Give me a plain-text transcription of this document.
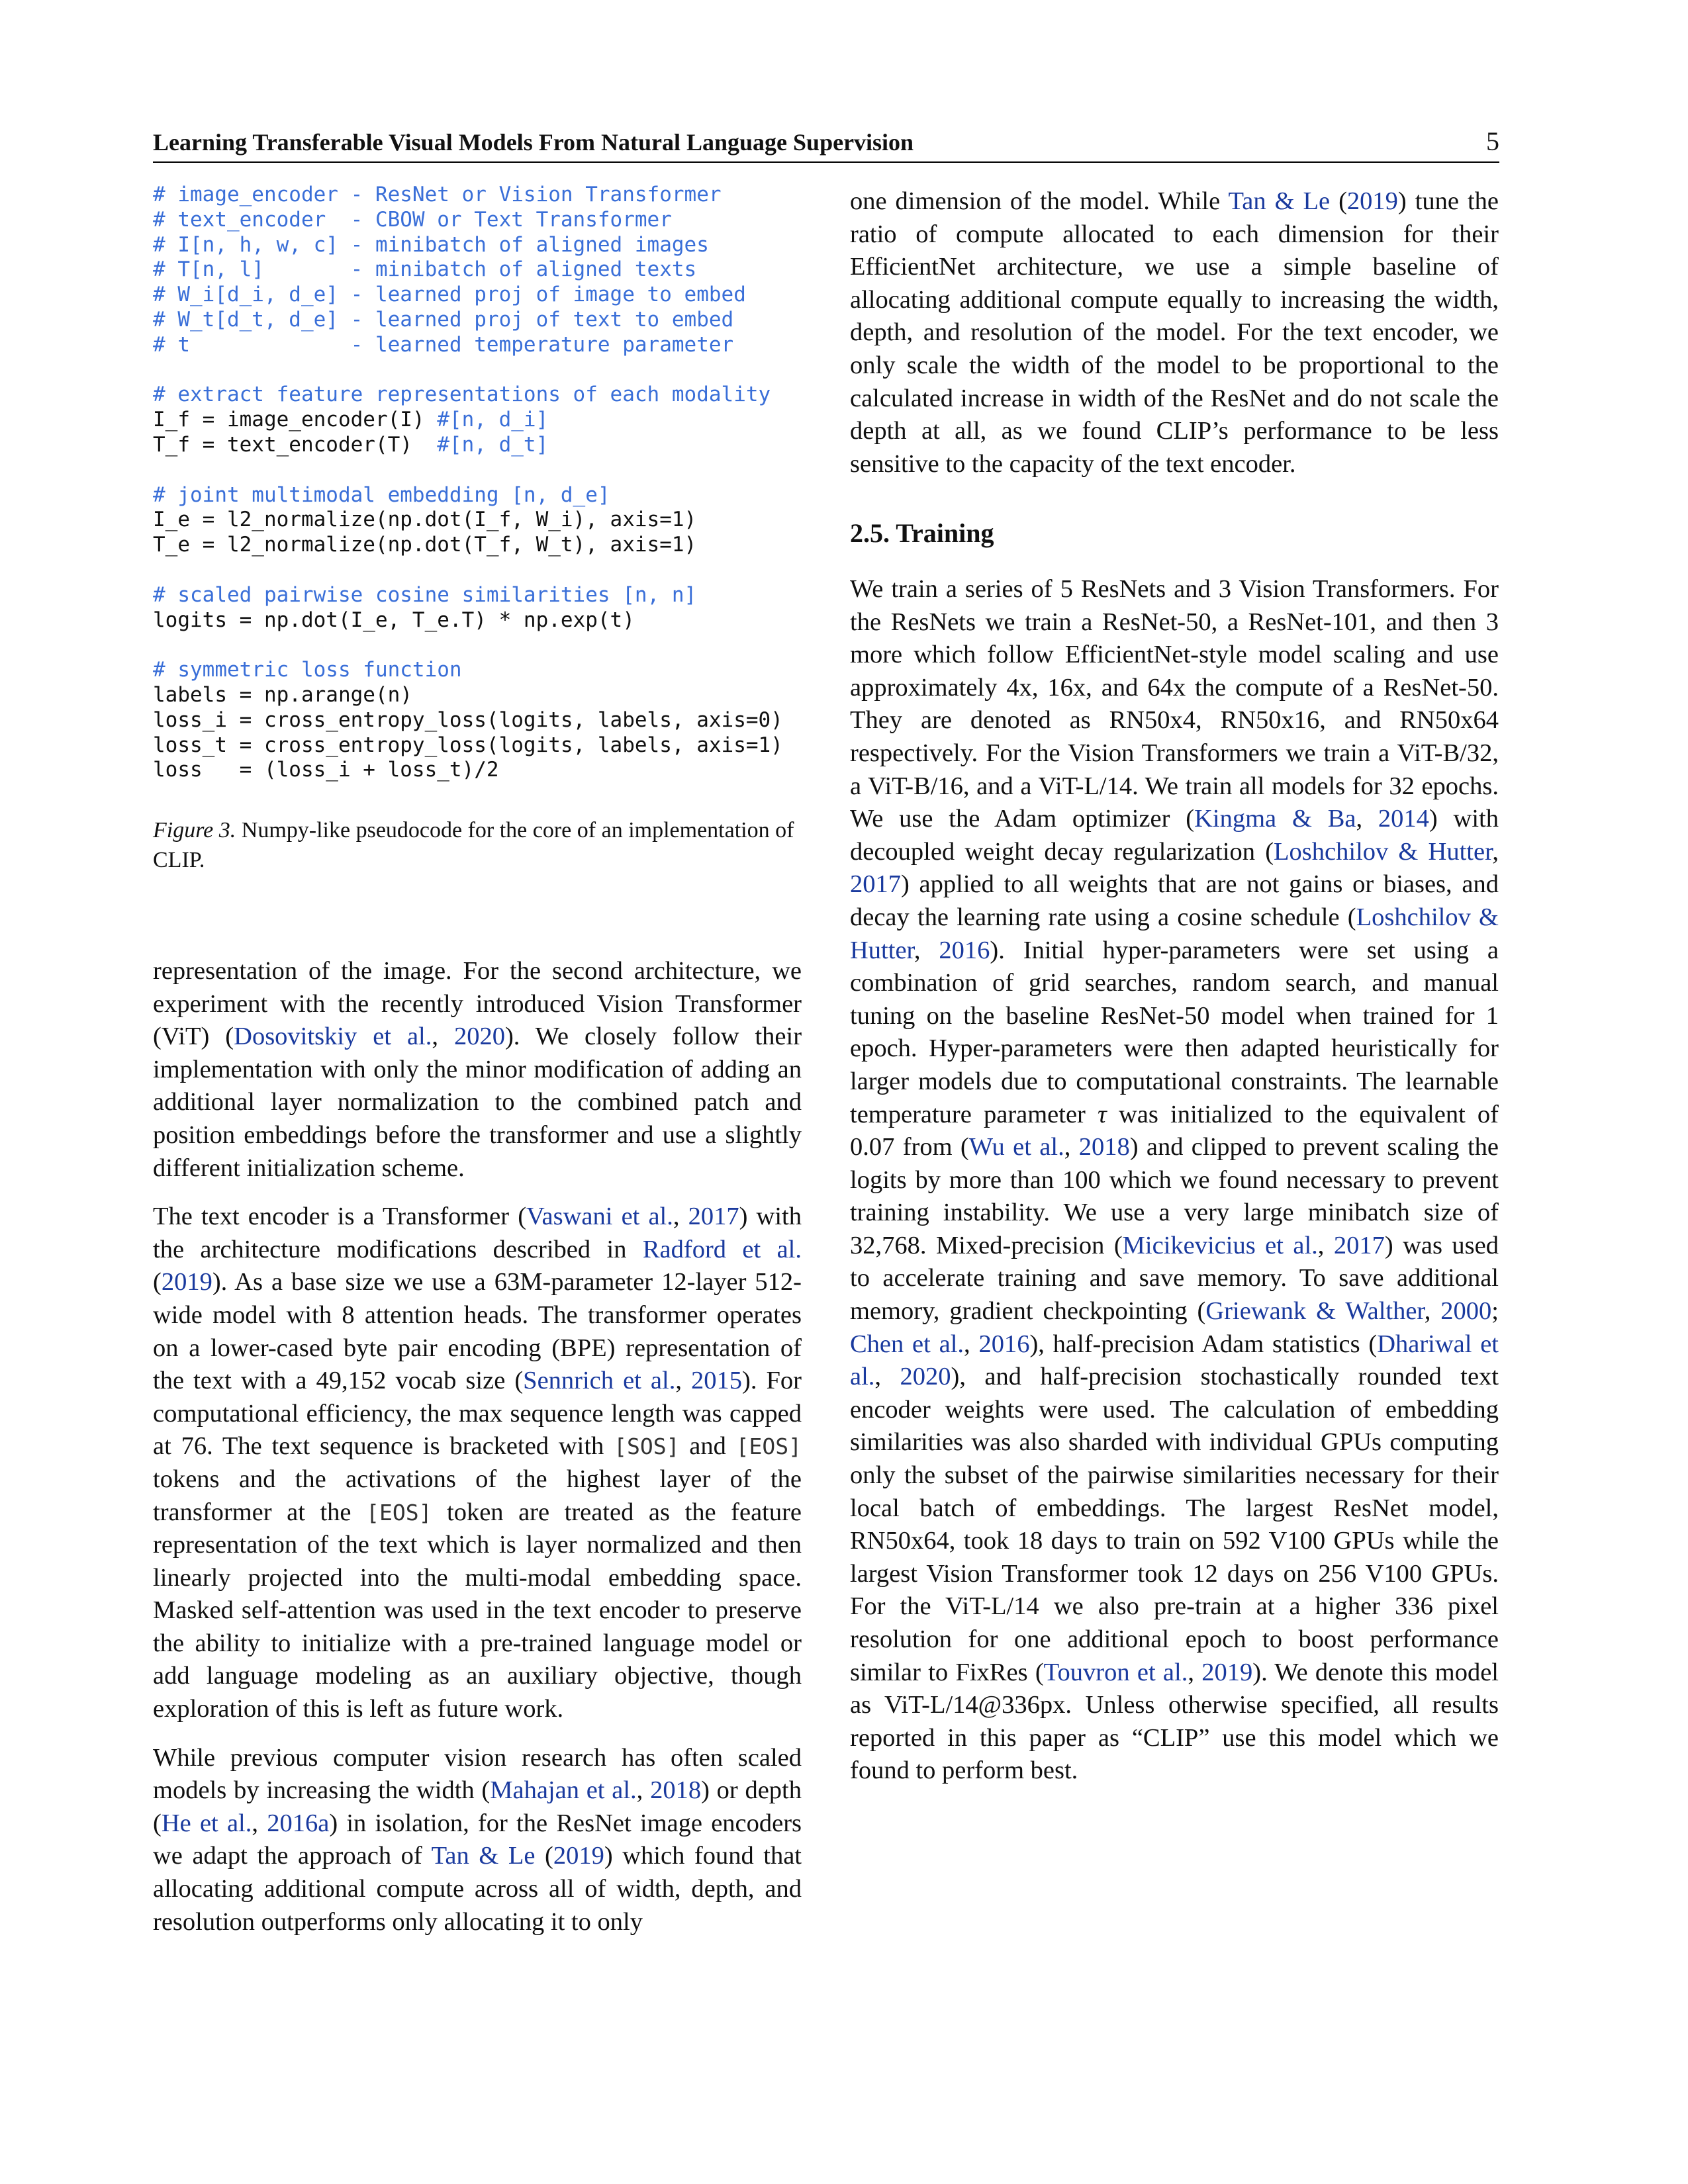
Learning Transferable Visual Models From Natural Language Supervision	5
# image_encoder - ResNet or Vision Transformer
# text_encoder  - CBOW or Text Transformer
# I[n, h, w, c] - minibatch of aligned images
# T[n, l]       - minibatch of aligned texts
# W_i[d_i, d_e] - learned proj of image to embed
# W_t[d_t, d_e] - learned proj of text to embed
# t             - learned temperature parameter

# extract feature representations of each modality
I_f = image_encoder(I) #[n, d_i]
T_f = text_encoder(T)  #[n, d_t]

# joint multimodal embedding [n, d_e]
I_e = l2_normalize(np.dot(I_f, W_i), axis=1)
T_e = l2_normalize(np.dot(T_f, W_t), axis=1)

# scaled pairwise cosine similarities [n, n]
logits = np.dot(I_e, T_e.T) * np.exp(t)

# symmetric loss function
labels = np.arange(n)
loss_i = cross_entropy_loss(logits, labels, axis=0)
loss_t = cross_entropy_loss(logits, labels, axis=1)
loss   = (loss_i + loss_t)/2
Figure 3. Numpy-like pseudocode for the core of an implementation of CLIP.

representation of the image. For the second architecture, we experiment with the recently introduced Vision Transformer (ViT) (Dosovitskiy et al., 2020). We closely follow their implementation with only the minor modification of adding an additional layer normalization to the combined patch and position embeddings before the transformer and use a slightly different initialization scheme.

The text encoder is a Transformer (Vaswani et al., 2017) with the architecture modifications described in Radford et al. (2019). As a base size we use a 63M-parameter 12-layer 512-wide model with 8 attention heads. The transformer operates on a lower-cased byte pair encoding (BPE) representation of the text with a 49,152 vocab size (Sennrich et al., 2015). For computational efficiency, the max sequence length was capped at 76. The text sequence is bracketed with [SOS] and [EOS] tokens and the activations of the highest layer of the transformer at the [EOS] token are treated as the feature representation of the text which is layer normalized and then linearly projected into the multi-modal embedding space. Masked self-attention was used in the text encoder to preserve the ability to initialize with a pre-trained language model or add language modeling as an auxiliary objective, though exploration of this is left as future work.

While previous computer vision research has often scaled models by increasing the width (Mahajan et al., 2018) or depth (He et al., 2016a) in isolation, for the ResNet image encoders we adapt the approach of Tan & Le (2019) which found that allocating additional compute across all of width, depth, and resolution outperforms only allocating it to only

one dimension of the model. While Tan & Le (2019) tune the ratio of compute allocated to each dimension for their EfficientNet architecture, we use a simple baseline of allocating additional compute equally to increasing the width, depth, and resolution of the model. For the text encoder, we only scale the width of the model to be proportional to the calculated increase in width of the ResNet and do not scale the depth at all, as we found CLIP’s performance to be less sensitive to the capacity of the text encoder.

2.5. Training

We train a series of 5 ResNets and 3 Vision Transformers. For the ResNets we train a ResNet-50, a ResNet-101, and then 3 more which follow EfficientNet-style model scaling and use approximately 4x, 16x, and 64x the compute of a ResNet-50. They are denoted as RN50x4, RN50x16, and RN50x64 respectively. For the Vision Transformers we train a ViT-B/32, a ViT-B/16, and a ViT-L/14. We train all models for 32 epochs. We use the Adam optimizer (Kingma & Ba, 2014) with decoupled weight decay regularization (Loshchilov & Hutter, 2017) applied to all weights that are not gains or biases, and decay the learning rate using a cosine schedule (Loshchilov & Hutter, 2016). Initial hyper-parameters were set using a combination of grid searches, random search, and manual tuning on the baseline ResNet-50 model when trained for 1 epoch. Hyper-parameters were then adapted heuristically for larger models due to computational constraints. The learnable temperature parameter τ was initialized to the equivalent of 0.07 from (Wu et al., 2018) and clipped to prevent scaling the logits by more than 100 which we found necessary to prevent training instability. We use a very large minibatch size of 32,768. Mixed-precision (Micikevicius et al., 2017) was used to accelerate training and save memory. To save additional memory, gradient checkpointing (Griewank & Walther, 2000; Chen et al., 2016), half-precision Adam statistics (Dhariwal et al., 2020), and half-precision stochastically rounded text encoder weights were used. The calculation of embedding similarities was also sharded with individual GPUs computing only the subset of the pairwise similarities necessary for their local batch of embeddings. The largest ResNet model, RN50x64, took 18 days to train on 592 V100 GPUs while the largest Vision Transformer took 12 days on 256 V100 GPUs. For the ViT-L/14 we also pre-train at a higher 336 pixel resolution for one additional epoch to boost performance similar to FixRes (Touvron et al., 2019). We denote this model as ViT-L/14@336px. Unless otherwise specified, all results reported in this paper as “CLIP” use this model which we found to perform best.
